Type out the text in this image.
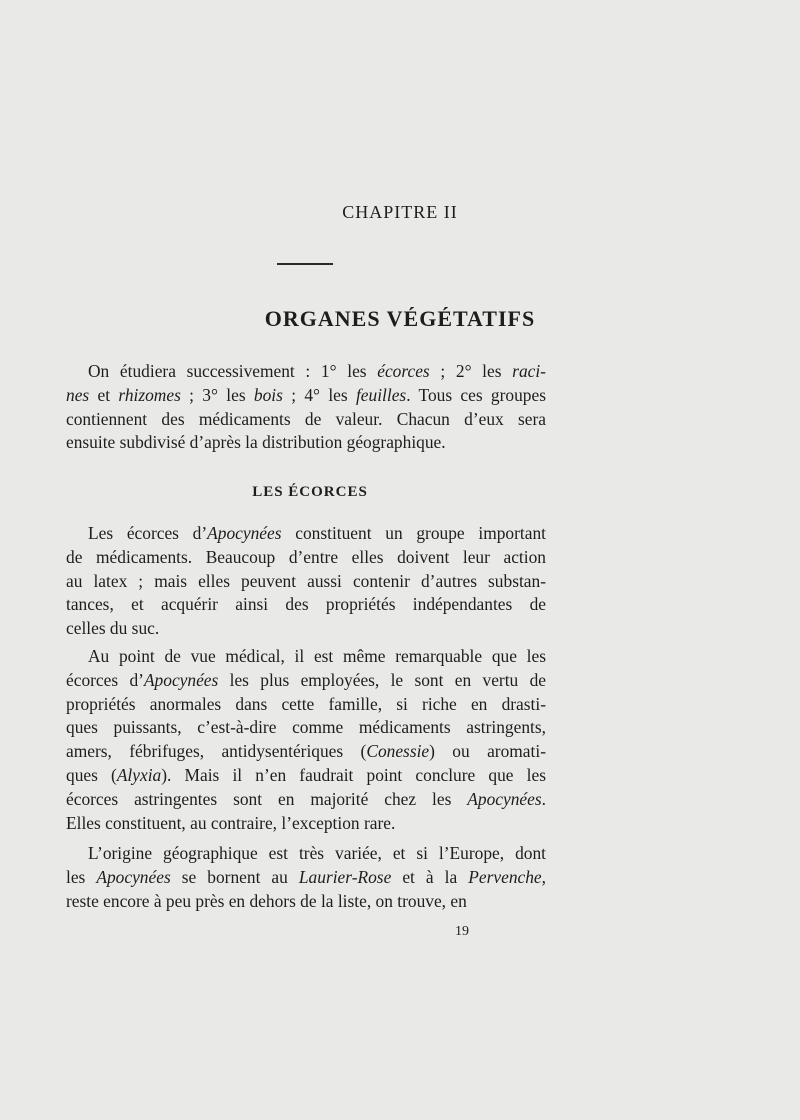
CHAPITRE II
ORGANES VÉGÉTATIFS
On étudiera successivement : 1° les écorces ; 2° les raci-
nes et rhizomes ; 3° les bois ; 4° les feuilles. Tous ces groupes
contiennent des médicaments de valeur. Chacun d’eux sera
ensuite subdivisé d’après la distribution géographique.
LES ÉCORCES
Les écorces d’Apocynées constituent un groupe important
de médicaments. Beaucoup d’entre elles doivent leur action
au latex ; mais elles peuvent aussi contenir d’autres substan-
tances, et acquérir ainsi des propriétés indépendantes de
celles du suc.
Au point de vue médical, il est même remarquable que les
écorces d’Apocynées les plus employées, le sont en vertu de
propriétés anormales dans cette famille, si riche en drasti-
ques puissants, c’est-à-dire comme médicaments astringents,
amers, fébrifuges, antidysentériques (Conessie) ou aromati-
ques (Alyxia). Mais il n’en faudrait point conclure que les
écorces astringentes sont en majorité chez les Apocynées.
Elles constituent, au contraire, l’exception rare.
L’origine géographique est très variée, et si l’Europe, dont
les Apocynées se bornent au Laurier-Rose et à la Pervenche,
reste encore à peu près en dehors de la liste, on trouve, en
19
